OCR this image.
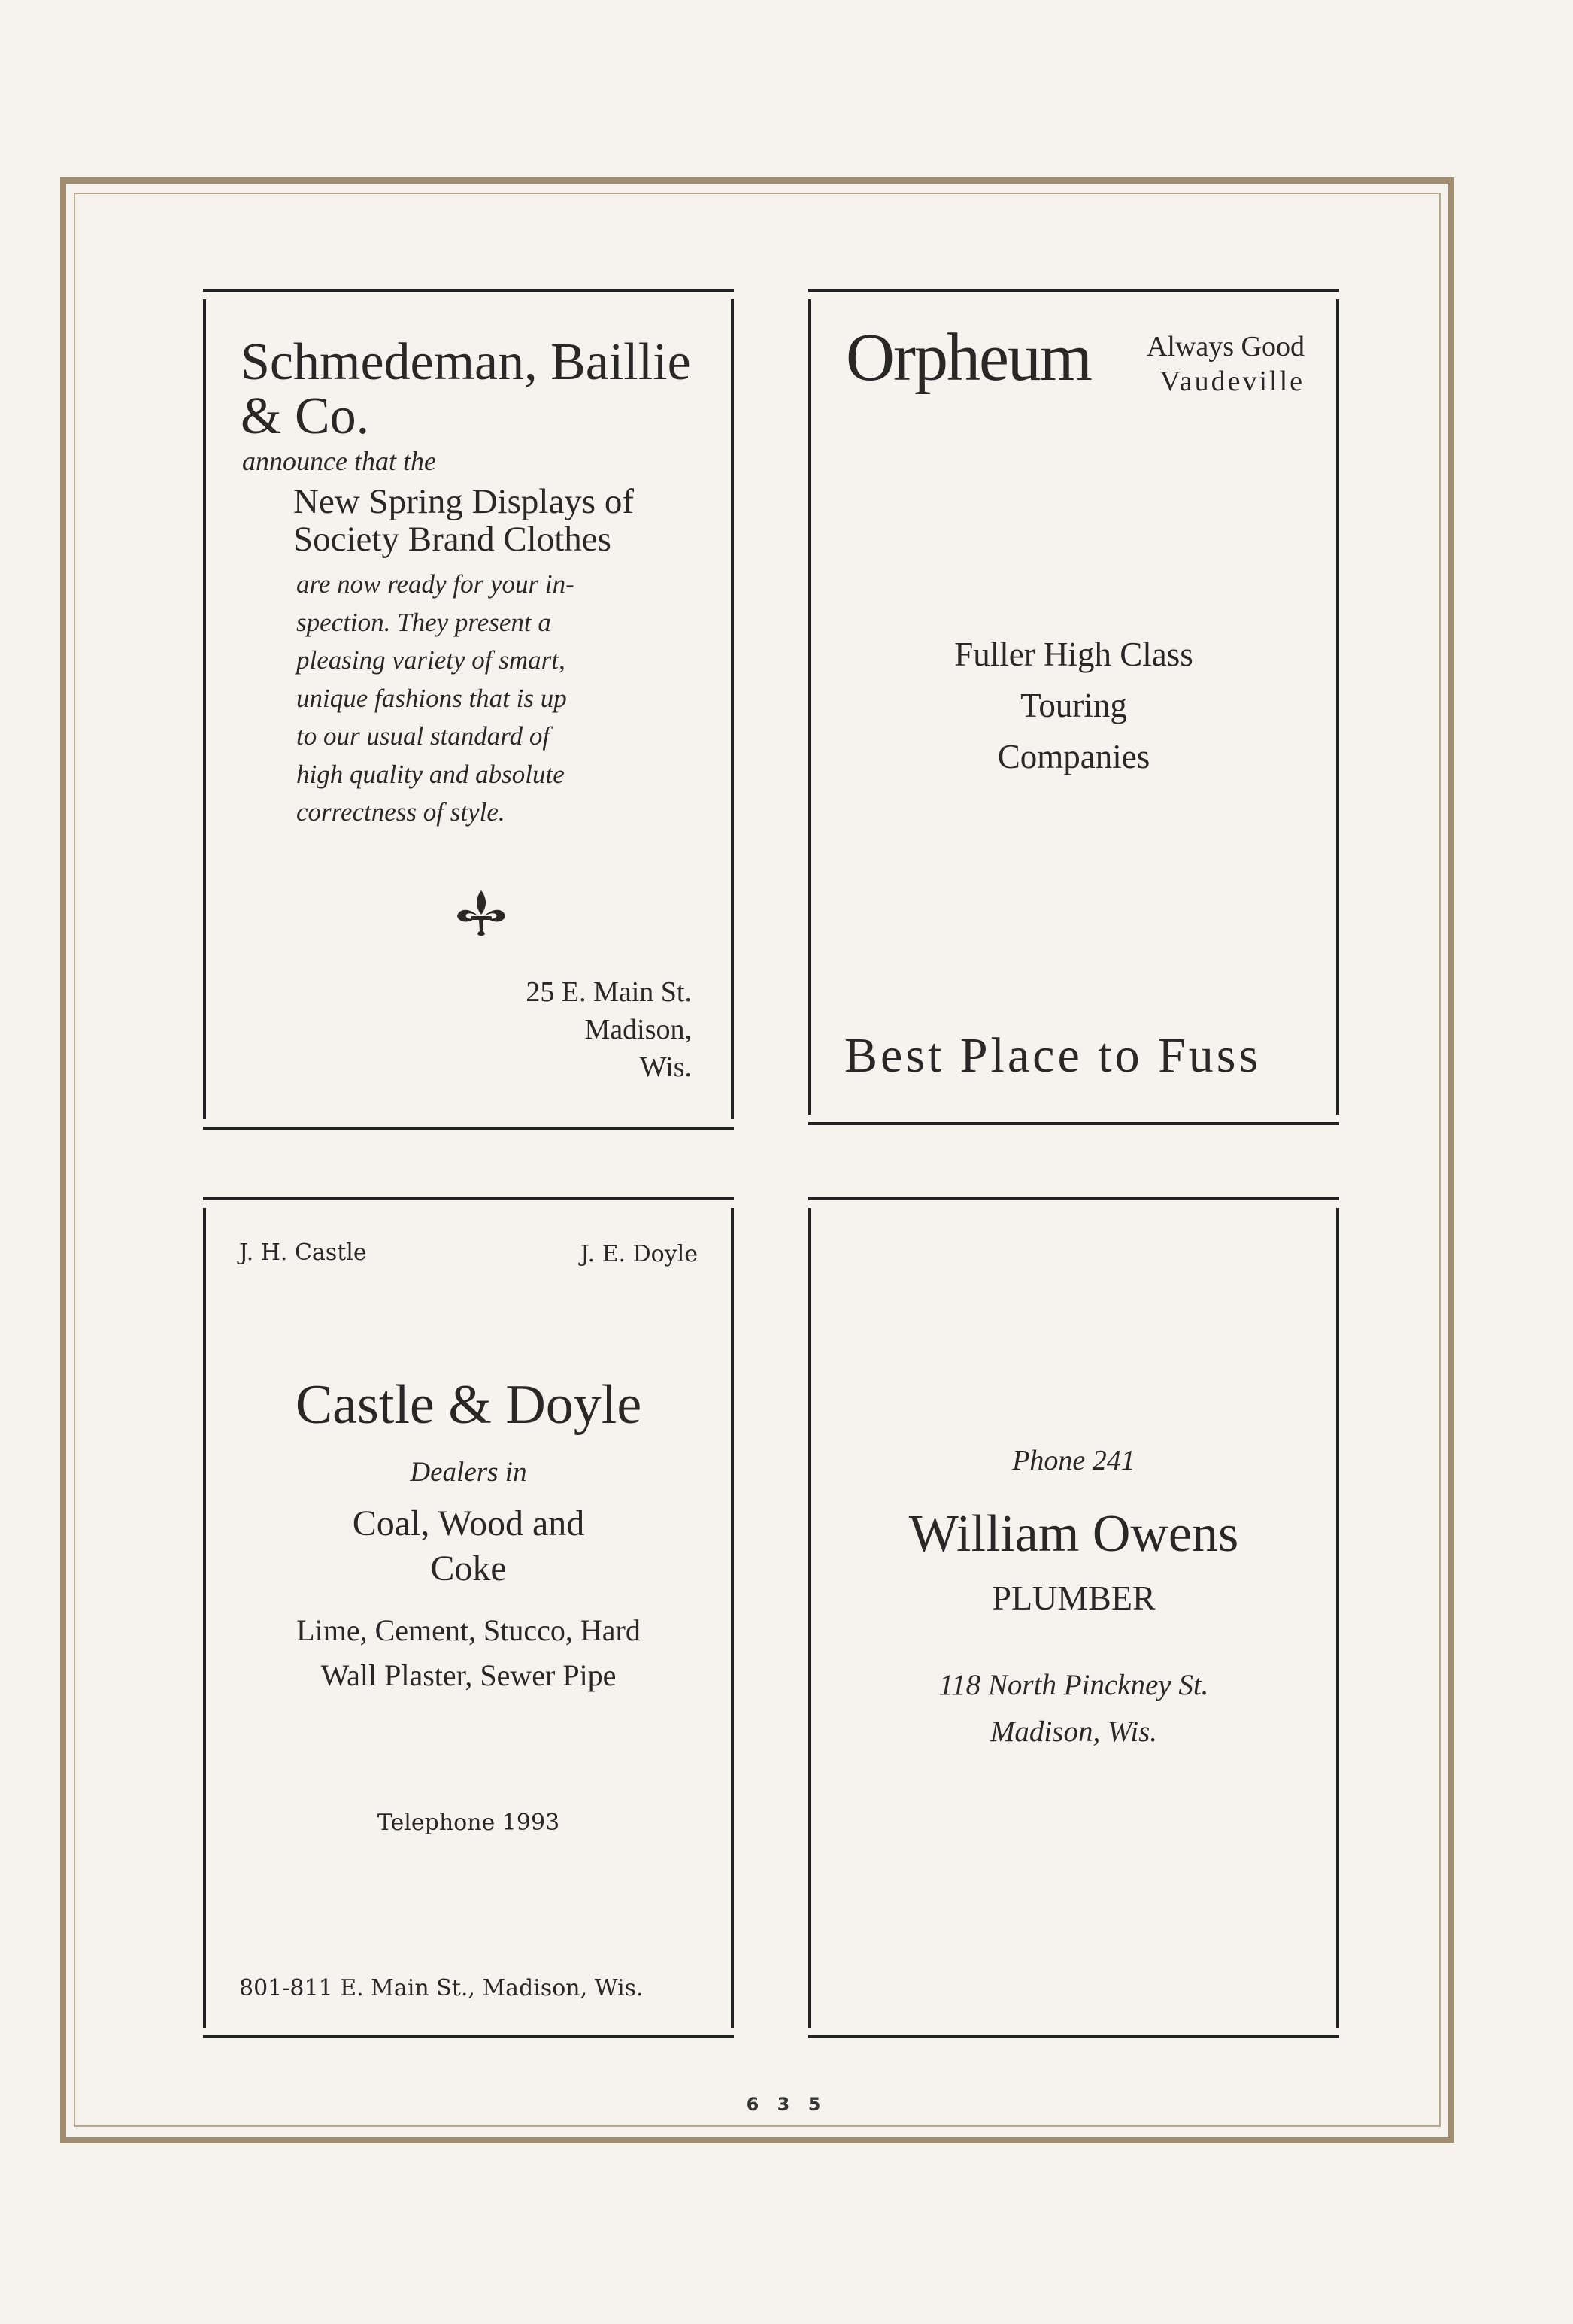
Schmedeman, Baillie
& Co.
announce that the
New Spring Displays of
Society Brand Clothes
are now ready for your in-
spection. They present a
pleasing variety of smart,
unique fashions that is up
to our usual standard of
high quality and absolute
correctness of style.
25 E. Main St.
Madison,
Wis.
Orpheum Always Good
Vaudeville
Fuller High Class
Touring
Companies
Best Place to Fuss
J. H. Castle	J. E. Doyle
Castle & Doyle
Dealers in
Coal, Wood and
Coke
Lime, Cement, Stucco, Hard
Wall Plaster, Sewer Pipe
Telephone 1993
801-811 E. Main St., Madison, Wis.
Phone 241
William Owens
PLUMBER
118 North Pinckney St.
Madison, Wis.
6 3 5
